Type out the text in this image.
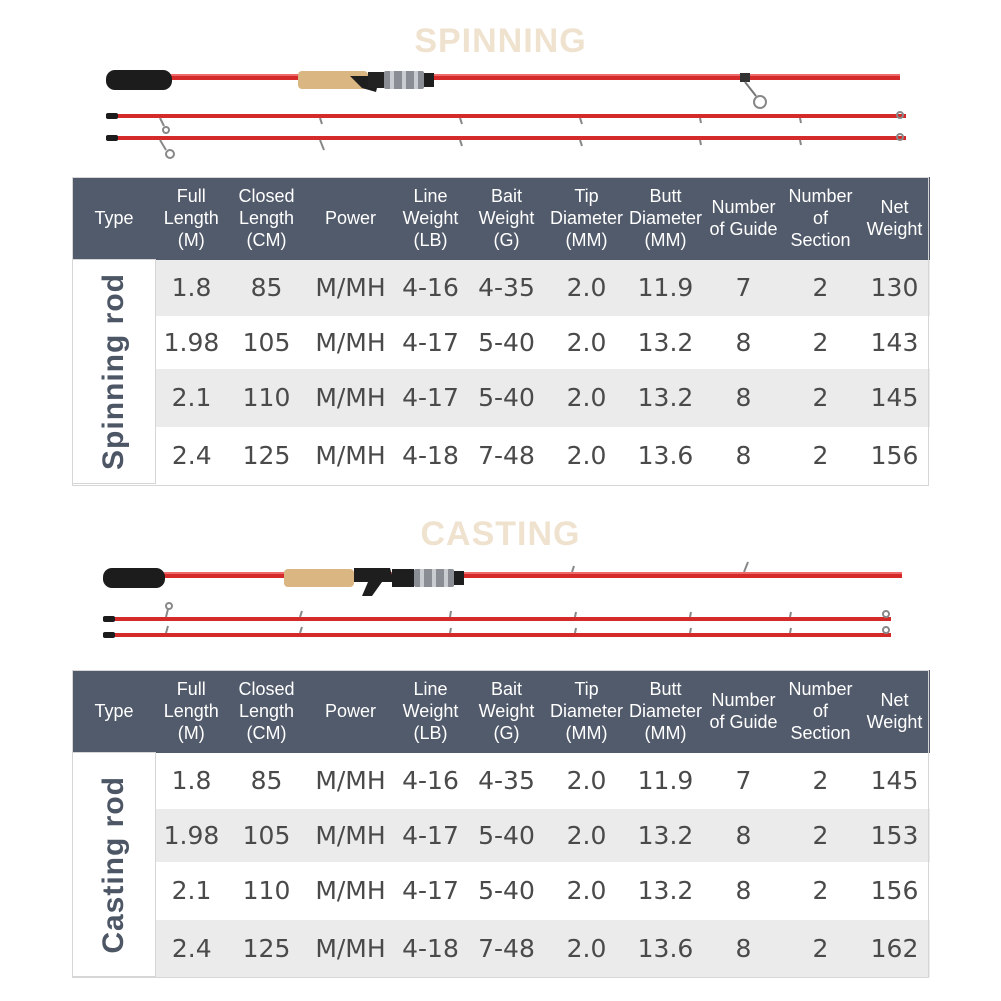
SPINNING
Type	Full Length (M)	Closed Length (CM)	Power	Line Weight (LB)	Bait Weight (G)	Tip Diameter (MM)	Butt Diameter (MM)	Number of Guide	Number of Section	Net Weight

Spinning rod	1.8	85	M/MH	4-16	4-35	2.0	11.9	7	2	130
	1.98	105	M/MH	4-17	5-40	2.0	13.2	8	2	143
	2.1	110	M/MH	4-17	5-40	2.0	13.2	8	2	145
	2.4	125	M/MH	4-18	7-48	2.0	13.6	8	2	156
CASTING
Type	Full Length (M)	Closed Length (CM)	Power	Line Weight (LB)	Bait Weight (G)	Tip Diameter (MM)	Butt Diameter (MM)	Number of Guide	Number of Section	Net Weight

Casting rod	1.8	85	M/MH	4-16	4-35	2.0	11.9	7	2	145
	1.98	105	M/MH	4-17	5-40	2.0	13.2	8	2	153
	2.1	110	M/MH	4-17	5-40	2.0	13.2	8	2	156
	2.4	125	M/MH	4-18	7-48	2.0	13.6	8	2	162
